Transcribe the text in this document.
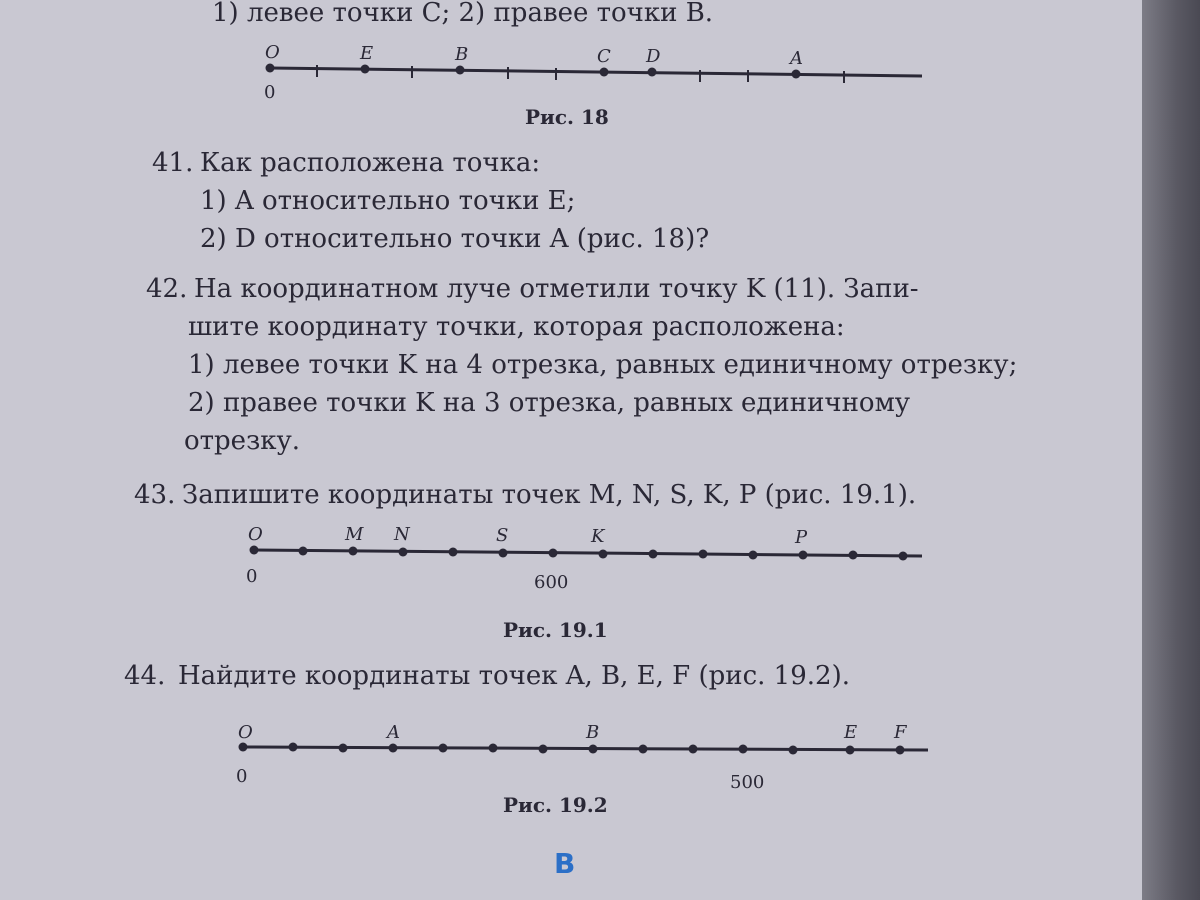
1) левее точки C; 2) правее точки B.
O
0
E	B	C D	A
Рис. 18
41. Как расположена точка:
1) A относительно точки E;
2) D относительно точки A (рис. 18)?
42. На координатном луче отметили точку K (11). Запи-
шите координату точки, которая расположена:
1) левее точки K на 4 отрезка, равных единичному отрезку;
2) правее точки K на 3 отрезка, равных единичному
отрезку.
43. Запишите координаты точек M, N, S, K, P (рис. 19.1).
O
0	600
M N	S	K	P
Рис. 19.1
44. Найдите координаты точек A, B, E, F (рис. 19.2).
O
0	500
A	B	E F
Рис. 19.2
В
